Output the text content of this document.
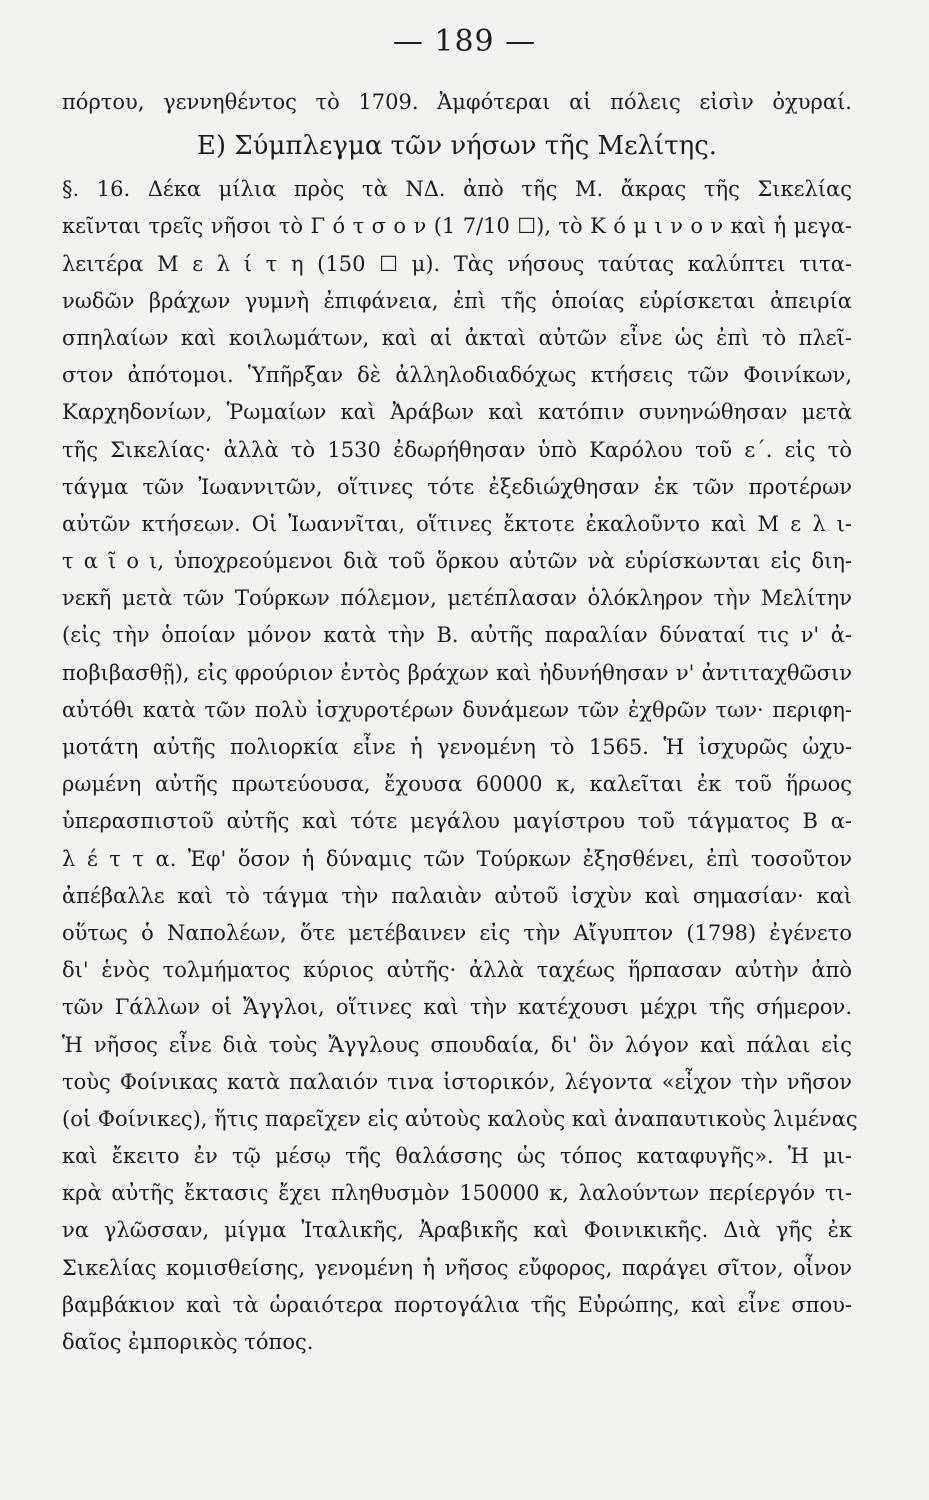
— 189 —
πόρτου, γεννηθέντος τὸ 1709. Ἀμφότεραι αἱ πόλεις εἰσὶν ὀχυραί.
Ε) Σύμπλεγμα τῶν νήσων τῆς Μελίτης.
§. 16. Δέκα μίλια πρὸς τὰ ΝΔ. ἀπὸ τῆς Μ. ἄκρας τῆς Σικελίας
κεῖνται τρεῖς νῆσοι τὸ Γ ό τ σ ο ν (1 7/10 ☐), τὸ Κ ό μ ι ν ο ν καὶ ἡ μεγα-
λειτέρα Μ ε λ ί τ η (150 ☐ μ). Τὰς νήσους ταύτας καλύπτει τιτα-
νωδῶν βράχων γυμνὴ ἐπιφάνεια, ἐπὶ τῆς ὁποίας εὑρίσκεται ἀπειρία
σπηλαίων καὶ κοιλωμάτων, καὶ αἱ ἀκταὶ αὐτῶν εἶνε ὡς ἐπὶ τὸ πλεῖ-
στον ἀπότομοι. Ὑπῆρξαν δὲ ἀλληλοδιαδόχως κτήσεις τῶν Φοινίκων,
Καρχηδονίων, Ῥωμαίων καὶ Ἀράβων καὶ κατόπιν συνηνώθησαν μετὰ
τῆς Σικελίας· ἀλλὰ τὸ 1530 ἐδωρήθησαν ὑπὸ Καρόλου τοῦ ε΄. εἰς τὸ
τάγμα τῶν Ἰωαννιτῶν, οἵτινες τότε ἐξεδιώχθησαν ἐκ τῶν προτέρων
αὐτῶν κτήσεων. Οἱ Ἰωαννῖται, οἵτινες ἔκτοτε ἐκαλοῦντο καὶ Μ ε λ ι-
τ α ῖ ο ι, ὑποχρεούμενοι διὰ τοῦ ὅρκου αὐτῶν νὰ εὑρίσκωνται εἰς διη-
νεκῆ μετὰ τῶν Τούρκων πόλεμον, μετέπλασαν ὁλόκληρον τὴν Μελίτην
(εἰς τὴν ὁποίαν μόνον κατὰ τὴν Β. αὐτῆς παραλίαν δύναταί τις ν' ἀ-
ποβιβασθῇ), εἰς φρούριον ἐντὸς βράχων καὶ ἠδυνήθησαν ν' ἀντιταχθῶσιν
αὐτόθι κατὰ τῶν πολὺ ἰσχυροτέρων δυνάμεων τῶν ἐχθρῶν των· περιφη-
μοτάτη αὐτῆς πολιορκία εἶνε ἡ γενομένη τὸ 1565. Ἡ ἰσχυρῶς ὠχυ-
ρωμένη αὐτῆς πρωτεύουσα, ἔχουσα 60000 κ, καλεῖται ἐκ τοῦ ἥρωος
ὑπερασπιστοῦ αὐτῆς καὶ τότε μεγάλου μαγίστρου τοῦ τάγματος Β α-
λ έ τ τ α. Ἐφ' ὅσον ἡ δύναμις τῶν Τούρκων ἐξησθένει, ἐπὶ τοσοῦτον
ἀπέβαλλε καὶ τὸ τάγμα τὴν παλαιὰν αὐτοῦ ἰσχὺν καὶ σημασίαν· καὶ
οὕτως ὁ Ναπολέων, ὅτε μετέβαινεν εἰς τὴν Αἴγυπτον (1798) ἐγένετο
δι' ἑνὸς τολμήματος κύριος αὐτῆς· ἀλλὰ ταχέως ἥρπασαν αὐτὴν ἀπὸ
τῶν Γάλλων οἱ Ἄγγλοι, οἵτινες καὶ τὴν κατέχουσι μέχρι τῆς σήμερον.
Ἡ νῆσος εἶνε διὰ τοὺς Ἄγγλους σπουδαία, δι' ὃν λόγον καὶ πάλαι εἰς
τοὺς Φοίνικας κατὰ παλαιόν τινα ἱστορικόν, λέγοντα «εἶχον τὴν νῆσον
(οἱ Φοίνικες), ἥτις παρεῖχεν εἰς αὐτοὺς καλοὺς καὶ ἀναπαυτικοὺς λιμένας
καὶ ἔκειτο ἐν τῷ μέσῳ τῆς θαλάσσης ὡς τόπος καταφυγῆς». Ἡ μι-
κρὰ αὐτῆς ἔκτασις ἔχει πληθυσμὸν 150000 κ, λαλούντων περίεργόν τι-
να γλῶσσαν, μίγμα Ἰταλικῆς, Ἀραβικῆς καὶ Φοινικικῆς. Διὰ γῆς ἐκ
Σικελίας κομισθείσης, γενομένη ἡ νῆσος εὔφορος, παράγει σῖτον, οἶνον
βαμβάκιον καὶ τὰ ὡραιότερα πορτογάλια τῆς Εὐρώπης, καὶ εἶνε σπου-
δαῖος ἐμπορικὸς τόπος.
